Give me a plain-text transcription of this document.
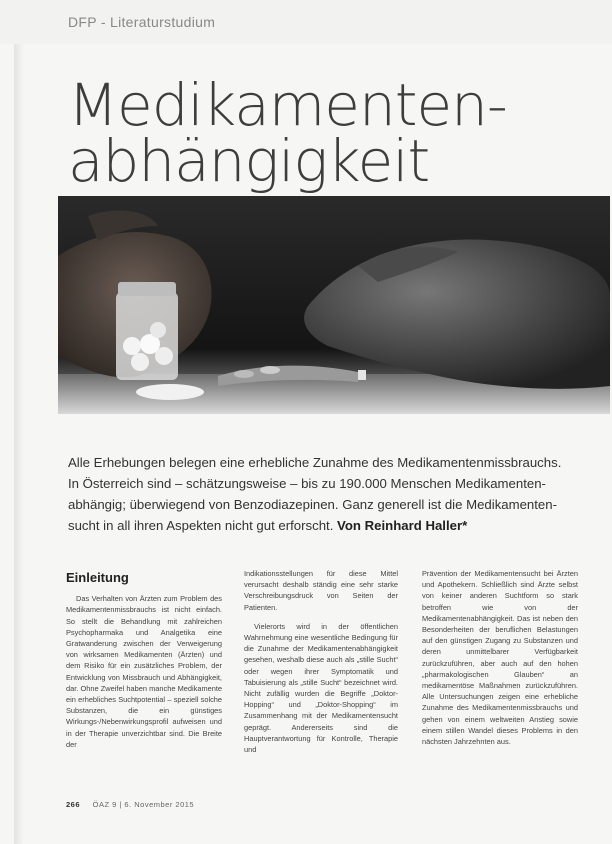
DFP - Literaturstudium
Medikamenten-
abhängigkeit
Alle Erhebungen belegen eine erhebliche Zunahme des Medikamentenmissbrauchs. In Österreich sind – schätzungsweise – bis zu 190.000 Menschen Medikamenten-abhängig; überwiegend von Benzodiazepinen. Ganz generell ist die Medikamenten-sucht in all ihren Aspekten nicht gut erforscht. Von Reinhard Haller*
Einleitung

Das Verhalten von Ärzten zum Problem des Medikamentenmissbrauchs ist nicht einfach. So stellt die Behandlung mit zahlreichen Psychopharmaka und Analgetika eine Gratwanderung zwischen der Verweigerung von wirksamen Medikamenten (Ärzten) und dem Risiko für ein zusätzliches Problem, der Entwicklung von Missbrauch und Abhängigkeit, dar. Ohne Zweifel haben manche Medikamente ein erhebliches Suchtpotential – speziell solche Substanzen, die ein günstiges Wirkungs-/Nebenwirkungsprofil aufweisen und in der Therapie unverzichtbar sind. Die Breite der

Indikationsstellungen für diese Mittel verursacht deshalb ständig eine sehr starke Verschreibungsdruck von Seiten der Patienten.

Vielerorts wird in der öffentlichen Wahrnehmung eine wesentliche Bedingung für die Zunahme der Medikamentenabhängigkeit gesehen, weshalb diese auch als „stille Sucht“ oder wegen ihrer Symptomatik und Tabuisierung als „stille Sucht“ bezeichnet wird. Nicht zufällig wurden die Begriffe „Doktor-Hopping“ und „Doktor-Shopping“ im Zusammenhang mit der Medikamentensucht geprägt. Andererseits sind die Hauptverantwortung für Kontrolle, Therapie und

Prävention der Medikamentensucht bei Ärzten und Apothekern. Schließlich sind Ärzte selbst von keiner anderen Suchtform so stark betroffen wie von der Medikamentenabhängigkeit. Das ist neben den Besonderheiten der beruflichen Belastungen auf den günstigen Zugang zu Substanzen und deren unmittelbarer Verfügbarkeit zurückzuführen, aber auch auf den hohen „pharmakologischen Glauben“ an medikamentöse Maßnahmen zurückzuführen. Alle Untersuchungen zeigen eine erhebliche Zunahme des Medikamentenmissbrauchs und gehen von einem weltweiten Anstieg sowie einem stillen Wandel dieses Problems in den nächsten Jahrzehnten aus.

266 ÖAZ 9 | 6. November 2015
